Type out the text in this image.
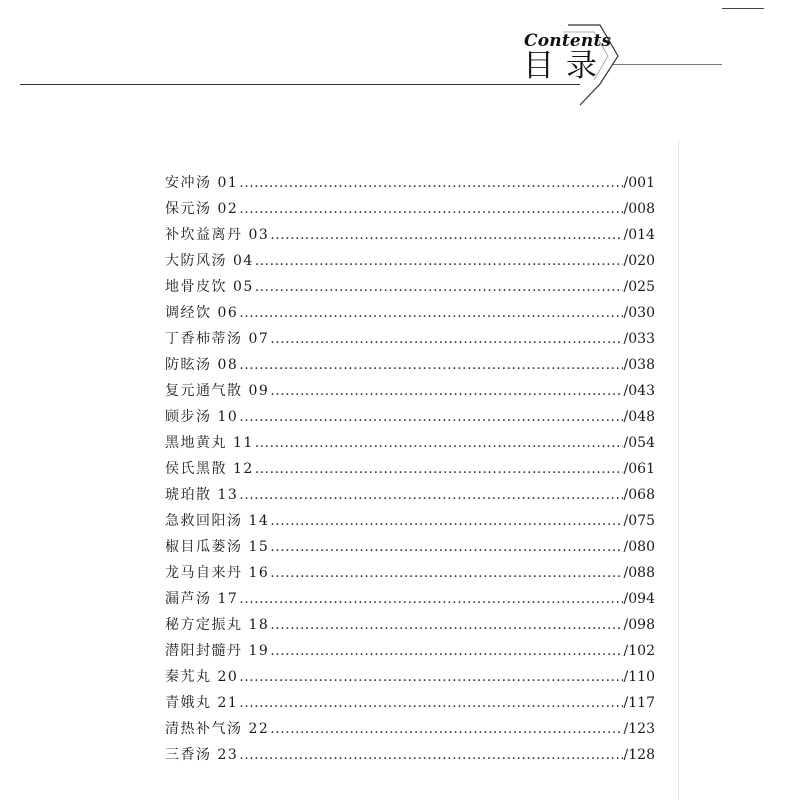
Contents
目录
安冲汤 01 .....	/001
保元汤 02 .....	/008
补坎益离丹 03 .....	/014
大防风汤 04 .....	/020
地骨皮饮 05 .....	/025
调经饮 06 .....	/030
丁香柿蒂汤 07 .....	/033
防眩汤 08 .....	/038
复元通气散 09 .....	/043
顾步汤 10 .....	/048
黑地黄丸 11 .....	/054
侯氏黑散 12 .....	/061
琥珀散 13 .....	/068
急救回阳汤 14 .....	/075
椒目瓜蒌汤 15 .....	/080
龙马自来丹 16 .....	/088
漏芦汤 17 .....	/094
秘方定振丸 18 .....	/098
潜阳封髓丹 19 .....	/102
秦艽丸 20 .....	/110
青娥丸 21 .....	/117
清热补气汤 22 .....	/123
三香汤 23 .....	/128
